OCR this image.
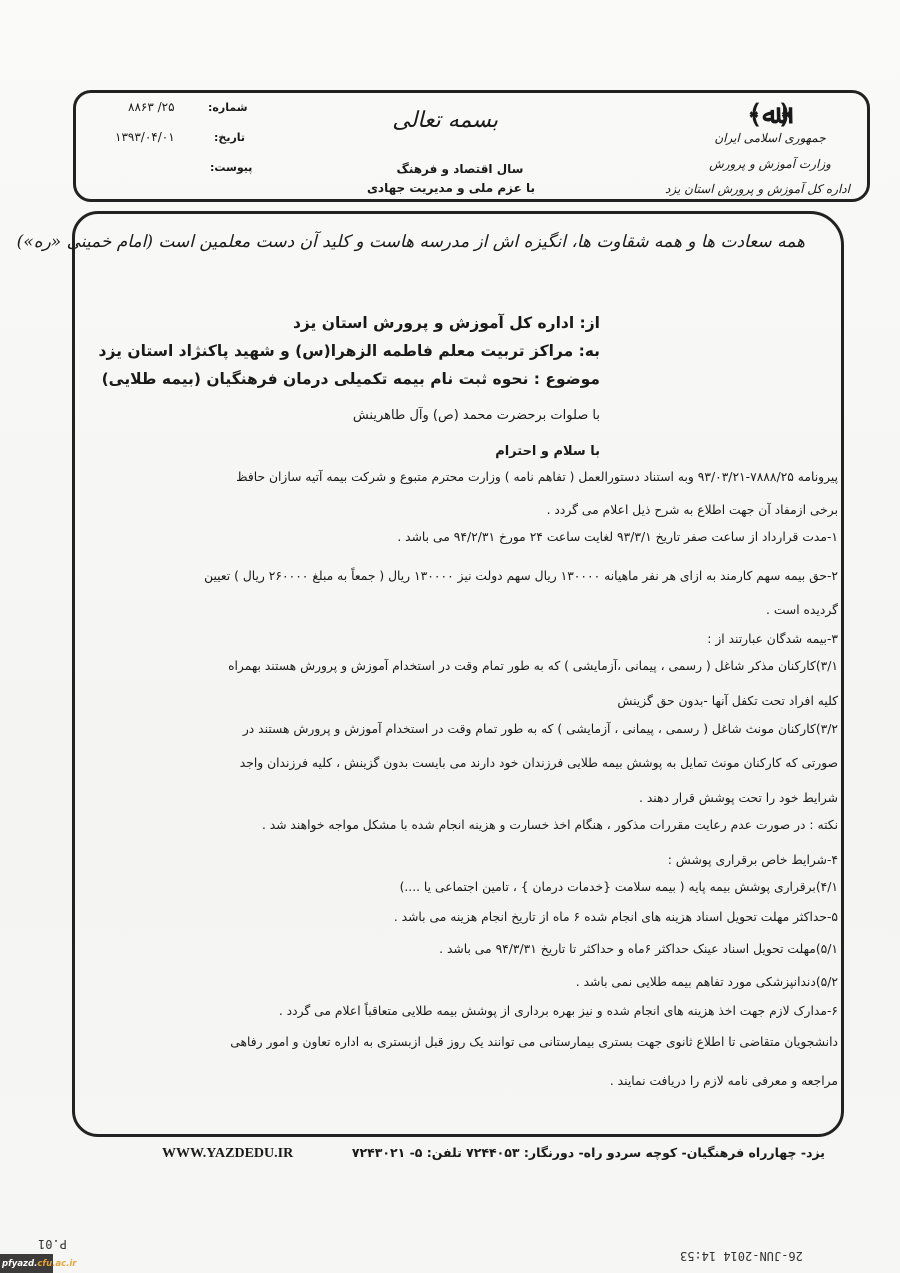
شماره:
۸۸۶۳ /۲۵
تاریخ:
۱۳۹۳/۰۴/۰۱
پیوست:
بسمه تعالی
سال اقتصاد و فرهنگ
با عزم ملی و مدیریت جهادی
﴾ﷲ﴿
جمهوری اسلامی ایران
وزارت آموزش و پرورش
اداره کل آموزش و پرورش استان یزد
همه سعادت ها و همه شقاوت ها، انگیزه اش از مدرسه هاست و کلید آن دست معلمین است (امام خمینی «ره»)
از: اداره کل آموزش و پرورش استان یزد
به: مراکز تربیت معلم فاطمه الزهرا(س) و شهید پاکنژاد استان یزد
موضوع : نحوه ثبت نام بیمه تکمیلی درمان فرهنگیان (بیمه طلایی)
با صلوات برحضرت محمد (ص) وآل طاهرینش
با سلام و احترام
پیرونامه ۷۸۸۸/۲۵-۹۳/۰۳/۲۱ وبه استناد دستورالعمل ( تفاهم نامه ) وزارت محترم متبوع و شرکت بیمه آتیه سازان حافظ
برخی ازمفاد آن جهت اطلاع به شرح ذیل اعلام می گردد .
۱-مدت قرارداد از ساعت صفر تاریخ ۹۳/۳/۱ لغایت ساعت ۲۴ مورخ ۹۴/۲/۳۱ می باشد .
۲-حق بیمه سهم کارمند به ازای هر نفر ماهیانه ۱۳۰۰۰۰ ریال سهم دولت نیز ۱۳۰۰۰۰ ریال ( جمعاً به مبلغ ۲۶۰۰۰۰ ریال ) تعیین
گردیده است .
۳-بیمه شدگان عبارتند از :
۳/۱)کارکنان مذکر شاغل ( رسمی ، پیمانی ،آزمایشی ) که به طور تمام وقت در استخدام آموزش و پرورش هستند بهمراه
کلیه افراد تحت تکفل آنها -بدون حق گزینش
۳/۲)کارکنان مونث شاغل ( رسمی ، پیمانی ، آزمایشی ) که به طور تمام وقت در استخدام آموزش و پرورش هستند در
صورتی که کارکنان مونث تمایل به پوشش بیمه طلایی فرزندان خود دارند می بایست بدون گزینش ، کلیه فرزندان واجد
شرایط خود را تحت پوشش قرار دهند .
نکته : در صورت عدم رعایت مقررات مذکور ، هنگام اخذ خسارت و هزینه انجام شده با مشکل مواجه خواهند شد .
۴-شرایط خاص برقراری پوشش :
۴/۱)برقراری پوشش بیمه پایه ( بیمه سلامت {خدمات درمان } ، تامین اجتماعی یا ....)
۵-حداکثر مهلت تحویل اسناد هزینه های انجام شده ۶ ماه از تاریخ انجام هزینه می باشد .
۵/۱)مهلت تحویل اسناد عینک حداکثر ۶ماه و حداکثر تا تاریخ ۹۴/۳/۳۱ می باشد .
۵/۲)دندانپزشکی مورد تفاهم بیمه طلایی نمی باشد .
۶-مدارک لازم جهت اخذ هزینه های انجام شده و نیز بهره برداری از پوشش بیمه طلایی متعاقباً اعلام می گردد .
دانشجویان متقاضی تا اطلاع ثانوی جهت بستری بیمارستانی می توانند یک روز قبل ازبستری به اداره تعاون و امور رفاهی
مراجعه و معرفی نامه لازم را دریافت نمایند .
یزد- چهارراه فرهنگیان- کوچه سردو راه- دورنگار: ۷۲۴۴۰۵۳ تلفن: ۵- ۷۲۴۳۰۲۱
WWW.YAZDEDU.IR
P.01
26-JUN-2014 14:53
pfyazd. cfu.ac.ir
